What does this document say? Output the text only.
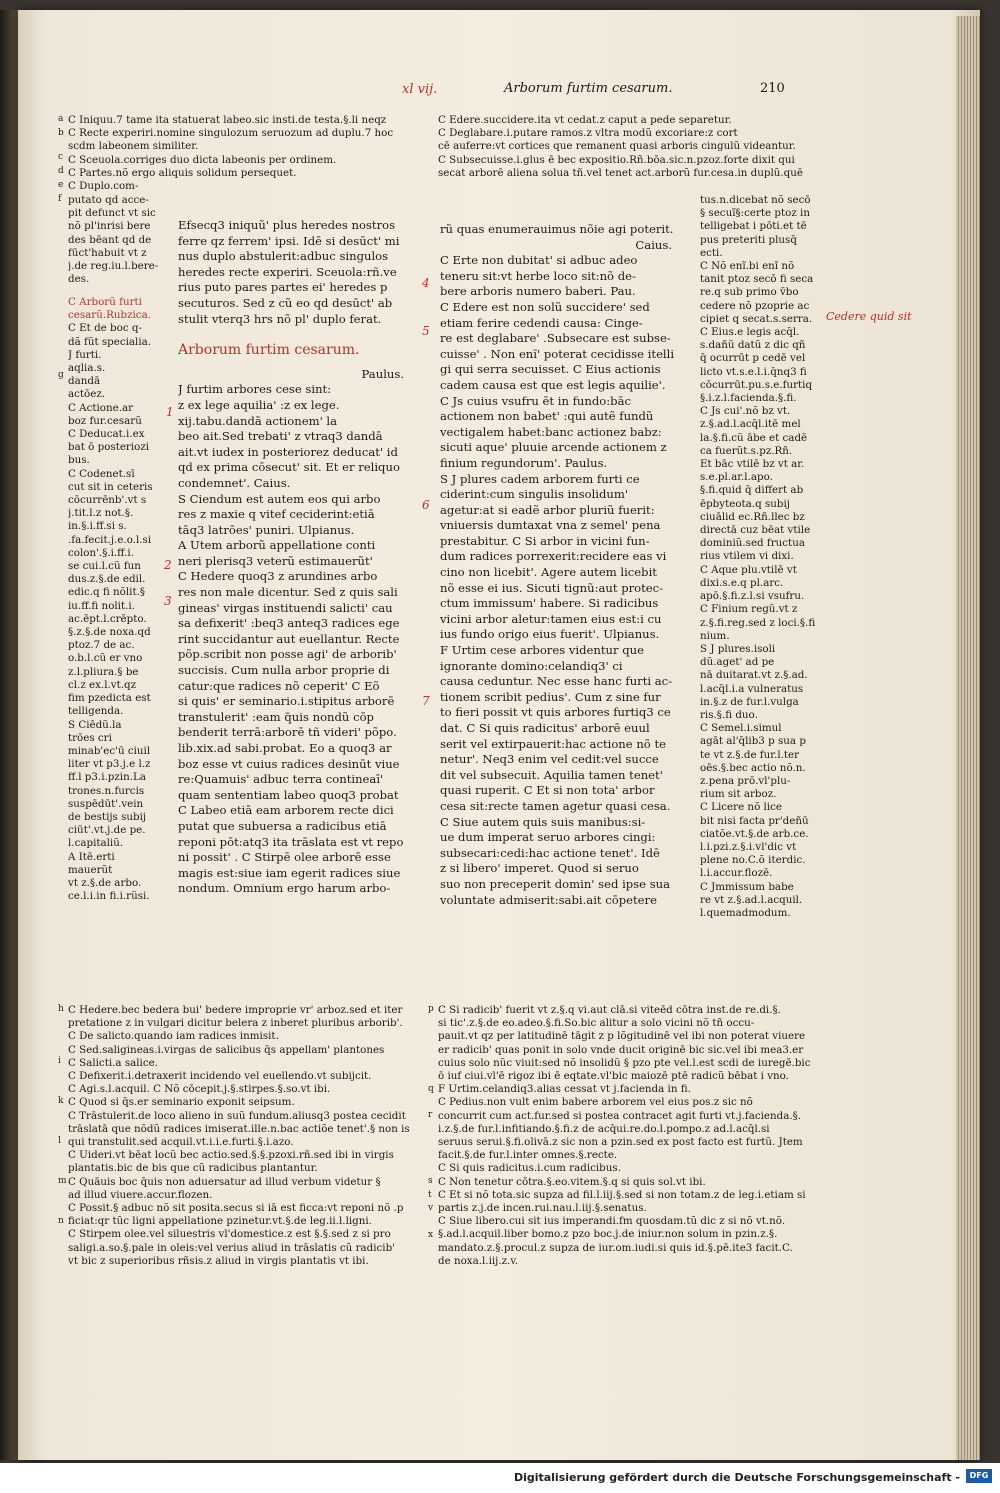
xl vij.	Arborum furtim cesarum.	210

C Iniquu.7 tame ita statuerat labeo.sic insti.de testa.§.li neqz

C Recte experiri.nomine singulozum seruozum ad duplu.7 hoc

scdm labeonem similiter.

C Sceuola.corriges duo dicta labeonis per ordinem.

C Partes.nõ ergo aliquis solidum persequet.

C Duplo.com-

putato qd acce-

pit defunct vt sic

nõ pl'inrisi bere

des bēant qd de

fūct'habuit vt z

j.de reg.iu.l.bere-

des.

C Arborũ furti

cesarũ.Rubzica.

C Et de boc q-

dã fũt specialia.

J furti.

aqlia.s.

dandā

actōez.

C Actione.ar

boz fur.cesarũ

C Deducat.i.ex

bat ō posteriozi

bus.

C Codenet.sī

cut sit in ceteris

cōcurrēnb'.vt s

j.tit.l.z not.§.

in.§.i.ff.si s.

.fa.fecit.j.e.o.l.si

colon'.§.i.ff.i.

se cui.l.cũ fun

dus.z.§.de edil.

edic.q fi nõlit.§

iu.ff.fi nolit.i.

ac.ēpt.l.crēpto.

§.z.§.de noxa.qd

ptoz.7 de ac.

o.b.l.cũ er vno

z.l.pliura.§ be

cl.z ex.l.vt.qz

fim pzedicta est

telligenda.

S Ciēdũ.la

trōes cri

minab'ec'ū ciuil

liter vt p3.j.e l.z

ff.l p3.i.pzin.La

trones.n.furcis

suspēdūt'.vein

de bestijs subij

ciūt'.vt.j.de pe.

l.capitaliũ.

A Itē.erti

mauerũt

vt z.§.de arbo.

ce.l.i.in fi.i.rũsi.

Efsecq3 iniquũ' plus heredes nostros

ferre qz ferrem' ipsi. Idē si desūct' mi

nus duplo abstulerit:adbuc singulos

heredes recte experiri. Sceuola:rñ.ve

rius puto pares partes ei' heredes p

secuturos. Sed z cũ eo qd desūct' ab

stulit vterq3 hrs nõ pl' duplo ferat.

Arborum furtim cesarum.

Paulus.

J furtim arbores cese sint:

z ex lege aquilia' :z ex lege.

xij.tabu.dandā actionem' la

beo ait.Sed trebati' z vtraq3 dandā

ait.vt iudex in posteriorez deducat' id

qd ex prima cōsecut' sit. Et er reliquo

condemnet'. Caius.

S Ciendum est autem eos qui arbo

res z maxie q vitef ceciderint:etiā

tāq3 latrōes' puniri. Ulpianus.

A Utem arborũ appellatione conti

neri plerisq3 veterũ estimauerũt'

C Hedere quoq3 z arundines arbo

res non male dicentur. Sed z quis sali

gineas' virgas instituendi salicti' cau

sa defixerit' :beq3 anteq3 radices ege

rint succidantur aut euellantur. Recte

põp.scribit non posse agi' de arborib'

succisis. Cum nulla arbor proprie di

catur:que radices nõ ceperit' C Eõ

si quis' er seminario.i.stipitus arborē

transtulerit' :eam q̄uis nondũ cōp

benderit terrā:arborē tñ videri' põpo.

lib.xix.ad sabi.probat. Eo a quoq3 ar

boz esse vt cuius radices desinūt viue

re:Quamuis' adbuc terra contineaī'

quam sententiam labeo quoq3 probat

C Labeo etiā eam arborem recte dici

putat que subuersa a radicibus etiā

reponi pōt:atq3 ita trāslata est vt repo

ni possit' . C Stirpē olee arborē esse

magis est:siue iam egerit radices siue

nondum. Omnium ergo harum arbo-

C Edere.succidere.ita vt cedat.z caput a pede separetur.

C Deglabare.i.putare ramos.z vltra modũ excoriare:z cort

cē auferre:vt cortices que remanent quasi arboris cingulũ videantur.

C Subsecuisse.i.glus ē bec expositio.Rñ.bōa.sic.n.pzoz.forte dixit qui

secat arborē aliena solua tñ.vel tenet act.arborũ fur.cesa.in duplũ.quē

rũ quas enumerauimus nõie agi poterit.

Caius.

C Erte non dubitat' si adbuc adeo

teneru sit:vt herbe loco sit:nõ de-

bere arboris numero baberi. Pau.

C Edere est non solũ succidere' sed

etiam ferire cedendi causa: Cinge-

re est deglabare' .Subsecare est subse-

cuisse' . Non enĩ' poterat cecidisse itelli

gi qui serra secuisset. C Eius actionis

cadem causa est que est legis aquilie'.

C Js cuius vsufru ēt in fundo:bāc

actionem non babet' :qui autẽ fundũ

vectigalem habet:banc actionez babz:

sicuti aque' pluuie arcende actionem z

finium regundorum'. Paulus.

S J plures cadem arborem furti ce

ciderint:cum singulis insolidum'

agetur:at si eadẽ arbor pluriũ fuerit:

vniuersis dumtaxat vna z semel' pena

prestabitur. C Si arbor in vicini fun-

dum radices porrexerit:recidere eas vi

cino non licebit'. Agere autem licebit

nõ esse ei ius. Sicuti tignũ:aut protec-

ctum immissum' habere. Si radicibus

vicini arbor aletur:tamen eius est:i cu

ius fundo origo eius fuerit'. Ulpianus.

F Urtim cese arbores videntur que

ignorante domino:celandiq3' ci

causa ceduntur. Nec esse hanc furti ac-

tionem scribit pedius'. Cum z sine fur

to fieri possit vt quis arbores furtiq3 ce

dat. C Si quis radicitus' arborē euul

serit vel extirpauerit:hac actione nõ te

netur'. Neq3 enim vel cedit:vel succe

dit vel subsecuit. Aquilia tamen tenet'

quasi ruperit. C Et si non tota' arbor

cesa sit:recte tamen agetur quasi cesa.

C Siue autem quis suis manibus:si-

ue dum imperat seruo arbores cingi:

subsecari:cedi:hac actione tenet'. Idē

z si libero' imperet. Quod si seruo

suo non preceperit domin' sed ipse sua

voluntate admiserit:sabi.ait cōpetere

tus.n.dicebat nõ secō

§ secuĩ§:certe ptoz in

telligebat i pōti.et tē

pus preteriti plusq̄

ecti.

C Nõ enĩ.bi enĩ nõ

tanit ptoz secō fi seca

re.q sub primo v̄bo

cedere nõ pzoprie ac

cipiet q secat.s.serra.

C Eius.e legis acq̄l.

s.dañũ datũ z dic qñ

q̄ ocurrūt p cedē vel

licto vt.s.e.l.i.q̄nq3 fi

cōcurrūt.pu.s.e.furtiq

§.i.z.l.facienda.§.fi.

C Js cui'.nõ bz vt.

z.§.ad.l.acq̄l.itē mel

la.§.fi.cũ ābe et cadē

ca fuerũt.s.pz.Rñ.

Et bāc vtilē bz vt ar.

s.e.pl.ar.l.apo.

§.fi.quid q̄ differt ab

ēpbyteota.q subij

ciuālid ec.Rñ.llec bz

directā cuz bēat vtile

dominiũ.sed fructua

rius vtilem vi dixi.

C Aque plu.vtilē vt

dixi.s.e.q pl.arc.

apō.§.fi.z.l.si vsufru.

C Finium regũ.vt z

z.§.fi.reg.sed z loci.§.fi

nium.

S J plures.isoli

dũ.aget' ad pe

nā duitarat.vt z.§.ad.

l.acq̄l.i.a vulneratus

in.§.z de fur.l.vulga

ris.§.fi duo.

C Semel.i.simul

agāt al'q̄lib3 p sua p

te vt z.§.de fur.l.ter

oēs.§.bec actio nõ.n.

z.pena prō.vl'plu-

rium sit arboz.

C Licere nõ lice

bit nisi facta pr'deñū

ciatõe.vt.§.de arb.ce.

l.i.pzi.z.§.i.vl'dic vt

plene no.C.õ iterdic.

l.i.accur.flozē.

C Jmmissum babe

re vt z.§.ad.l.acquil.

l.quemadmodum.

Cedere quid sit

C Hedere.bec bedera bui' bedere improprie vr' arboz.sed et iter

pretatione z in vulgari dicitur belera z inberet pluribus arborib'.

C De salicto.quando iam radices inmisit.

C Sed.saligineas.i.virgas de salicibus q̄s appellam' plantones

C Salicti.a salice.

C Defixerit.i.detraxerit incidendo vel euellendo.vt subijcit.

C Agi.s.l.acquil. C Nõ cōcepit.j.§.stirpes.§.so.vt ibi.

C Quod si q̄s.er seminario exponit seipsum.

C Trāstulerit.de loco alieno in suũ fundum.aliusq3 postea cecidit

trāslatā que nõdũ radices imiserat.ille.n.bac actiõe tenet'.§ non is

qui transtulit.sed acquil.vt.i.i.e.furti.§.i.azo.

C Uideri.vt bēat locũ bec actio.sed.§.§.pzoxi.rñ.sed ibi in virgis

plantatis.bic de bis que cũ radicibus plantantur.

C Quāuis boc q̄uis non aduersatur ad illud verbum videtur §

ad illud viuere.accur.flozen.

C Possit.§ adbuc nõ sit posita.secus si iā est ficca:vt reponi nõ .p

ficiat:qr tũc ligni appellatione pzinetur.vt.§.de leg.ii.l.ligni.

C Stirpem olee.vel siluestris vl'domestice.z est §.§.sed z si pro

saligi.a.so.§.pale in oleis:vel verius aliud in trāslatis cũ radicib'

vt bic z superioribus rñsis.z aliud in virgis plantatis vt ibi.

C Si radicib' fuerit vt z.§.q vi.aut clā.si viteēd cōtra inst.de re.di.§.

si tic'.z.§.de eo.adeo.§.fi.So.bic alitur a solo vicini nõ tñ occu-

pauit.vt qz per latitudinē tāgit z p lõgitudinē vel ibi non poterat viuere

er radicib' quas ponit in solo vnde ducit originē bic sic.vel ibi mea3.er

cuius solo nũc viuit:sed nõ insolidũ § pzo pte vel.l.est scdi de iuregē.bic

ō iuf ciui.vl'ē rigoz ibi ē eqtate.vl'bic maiozē ptē radicũ bēbat i vno.

F Urtim.celandiq3.alias cessat vt j.facienda in fi.

C Pedius.non vult enim babere arborem vel eius pos.z sic nõ

concurrit cum act.fur.sed si postea contracet agit furti vt.j.facienda.§.

i.z.§.de fur.l.infitiando.§.fi.z de acq̄ui.re.do.l.pompo.z ad.l.acq̄l.si

seruus serui.§.fi.olivā.z sic non a pzin.sed ex post facto est furtũ. Jtem

facit.§.de fur.l.inter omnes.§.recte.

C Si quis radicitus.i.cum radicibus.

C Non tenetur cōtra.§.eo.vitem.§.q si quis sol.vt ibi.

C Et si nõ tota.sic supza ad fil.l.iij.§.sed si non totam.z de leg.i.etiam si

partis z.j.de incen.rui.nau.l.iij.§.senatus.

C Siue libero.cui sit ius imperandi.fm quosdam.tũ dic z si nõ vt.nõ.

§.ad.l.acquil.liber bomo.z pzo boc.j.de iniur.non solum in pzin.z.§.

mandato.z.§.procul.z supza de iur.om.iudi.si quis id.§.pē.ite3 facit.C.

de noxa.l.iij.z.v.

a
b
c
d
e
f
g
1
2
3
4
5
6
7
h
i
k
l
m
n
p
q
r
s
t
v
x
Digitalisierung gefördert durch die Deutsche Forschungsgemeinschaft -	DFG
